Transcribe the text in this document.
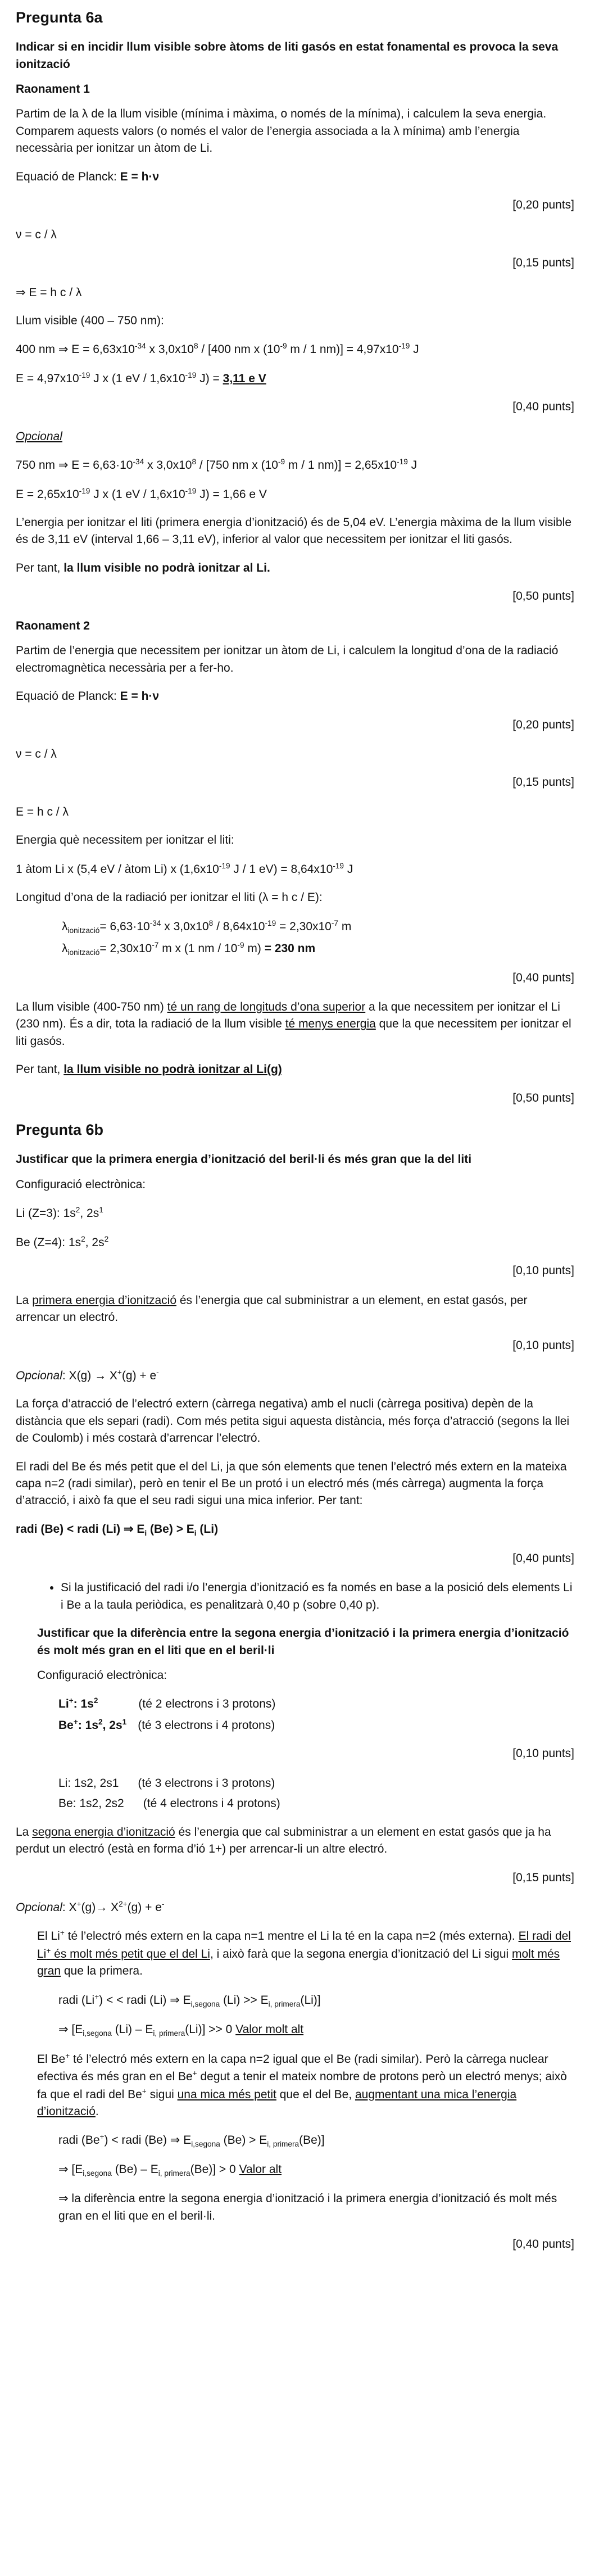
Pregunta 6a
Indicar si en incidir llum visible sobre àtoms de liti gasós en estat fonamental es provoca la seva ionització
Raonament 1

Partim de la λ de la llum visible (mínima i màxima, o només de la mínima), i calculem la seva energia. Comparem aquests valors (o només el valor de l’energia associada a la λ mínima) amb l’energia necessària per ionitzar un àtom de Li.

Equació de Planck: E = h·ν

[0,20 punts]

ν = c / λ

[0,15 punts]

⇒ E = h c / λ

Llum visible (400 – 750 nm):

400 nm ⇒ $E = 6,63x10^{-34}$ x $3,0x10^8 / [400$ nm x ($10^{-9}$ m / 1 $nm)] = 4,97x10^{-19}$ J

$E = 4,97x10^{-19}$ J x (1 eV / $1,6x10^{-19}$ J) = 3,11 e V

[0,40 punts]

Opcional

750 nm ⇒ $E = 6,63\cdot 10^{-34}$ x $3,0x10^8 / [750$ nm x ($10^{-9}$ m / 1 $nm)] = 2,65x10^{-19}$ J

$E = 2,65x10^{-19}$ J x (1 eV / $1,6x10^{-19}$ J) = 1,66 e V

L’energia per ionitzar el liti (primera energia d’ionització) és de 5,04 eV. L’energia màxima de la llum visible és de 3,11 eV (interval 1,66 – 3,11 eV), inferior al valor que necessitem per ionitzar el liti gasós.

Per tant, la llum visible no podrà ionitzar al Li.

[0,50 punts]
Raonament 2

Partim de l’energia que necessitem per ionitzar un àtom de Li, i calculem la longitud d’ona de la radiació electromagnètica necessària per a fer-ho.

Equació de Planck: E = h·ν

[0,20 punts]

ν = c / λ

[0,15 punts]

E = h c / λ

Energia què necessitem per ionitzar el liti:

1 àtom Li x (5,4 eV / àtom Li) x ($1,6x10^{-19}$ J / 1 $eV) = 8,64x10^{-19}$ J

Longitud d’ona de la radiació per ionitzar el liti (λ = h c / E):

$\lambda_{ionització}= 6,63\cdot 10^{-34}$ x $3,0x10^8 / 8,64x10^{-19} = 2,30x10^{-7}$ m
$\lambda_{ionització}= 2,30x10^{-7}$ m x (1 nm / $10^{-9}$ m) = 230 nm
[0,40 punts]

La llum visible (400-750 nm) té un rang de longituds d’ona superior a la que necessitem per ionitzar el Li (230 nm). És a dir, tota la radiació de la llum visible té menys energia que la que necessitem per ionitzar el liti gasós.

Per tant, la llum visible no podrà ionitzar al Li(g)

[0,50 punts]
Pregunta 6b
Justificar que la primera energia d’ionització del beril·li és més gran que la del liti

Configuració electrònica:

Li (Z=3): $1s^2$, $2s^1$

Be (Z=4): $1s^2$, $2s^2$

[0,10 punts]

La primera energia d’ionització és l’energia que cal subministrar a un element, en estat gasós, per arrencar un electró.

[0,10 punts]

Opcional: X(g) → X+(g) + e-

La força d’atracció de l’electró extern (càrrega negativa) amb el nucli (càrrega positiva) depèn de la distància que els separi (radi). Com més petita sigui aquesta distància, més força d’atracció (segons la llei de Coulomb) i més costarà d’arrencar l’electró.

El radi del Be és més petit que el del Li, ja que són elements que tenen l’electró més extern en la mateixa capa n=2 (radi similar), però en tenir el Be un protó i un electró més (més càrrega) augmenta la força d’atracció, i això fa que el seu radi sigui una mica inferior. Per tant:

radi (Be) < radi (Li) ⇒ $E_i$ $(Be) > E_i$ (Li)

[0,40 punts]
• Si la justificació del radi i/o l’energia d’ionització es fa només en base a la posició dels elements Li i Be a la taula periòdica, es penalitzarà 0,40 p (sobre 0,40 p).
Justificar que la diferència entre la segona energia d’ionització i la primera energia d’ionització és molt més gran en el liti que en el beril·li

Configuració electrònica:

Li+: $1s^2$	(té 2 electrons i 3 protons)
Be+: $1s^2$, $2s^1$ (té 3 electrons i 4 protons)
[0,10 punts]
Li: 1s2, 2s1 (té 3 electrons i 3 protons)
Be: 1s2, 2s2 (té 4 electrons i 4 protons)

La segona energia d’ionització és l’energia que cal subministrar a un element en estat gasós que ja ha perdut un electró (està en forma d’ió 1+) per arrencar-li un altre electró.

[0,15 punts]

Opcional: $X^+(g)\to X^{2+}(g) + e^-$

El Li+ té l’electró més extern en la capa n=1 mentre el Li la té en la capa n=2 (més externa). El radi del Li+ és molt més petit que el del Li, i això farà que la segona energia d’ionització del Li sigui molt més gran que la primera.

radi (Li+) < < radi (Li) ⇒ $E_{i,segona}$ $(Li) >> E_{i, primera}(Li)$]

⇒ [$E_{i,segona}$ $(Li) - E_{i, primera}(Li)] >> 0$ Valor molt alt

El Be+ té l’electró més extern en la capa n=2 igual que el Be (radi similar). Però la càrrega nuclear efectiva és més gran en el Be+ degut a tenir el mateix nombre de protons però un electró menys; això fa que el radi del Be+ sigui una mica més petit que el del Be, augmentant una mica l’energia d’ionització.

radi (Be+) < radi (Be) ⇒ $E_{i,segona}$ $(Be) > E_{i, primera}(Be)$]

⇒ [$E_{i,segona}$ $(Be) - E_{i, primera}(Be)] > 0$ Valor alt

⇒ la diferència entre la segona energia d’ionització i la primera energia d’ionització és molt més gran en el liti que en el beril·li.

[0,40 punts]
